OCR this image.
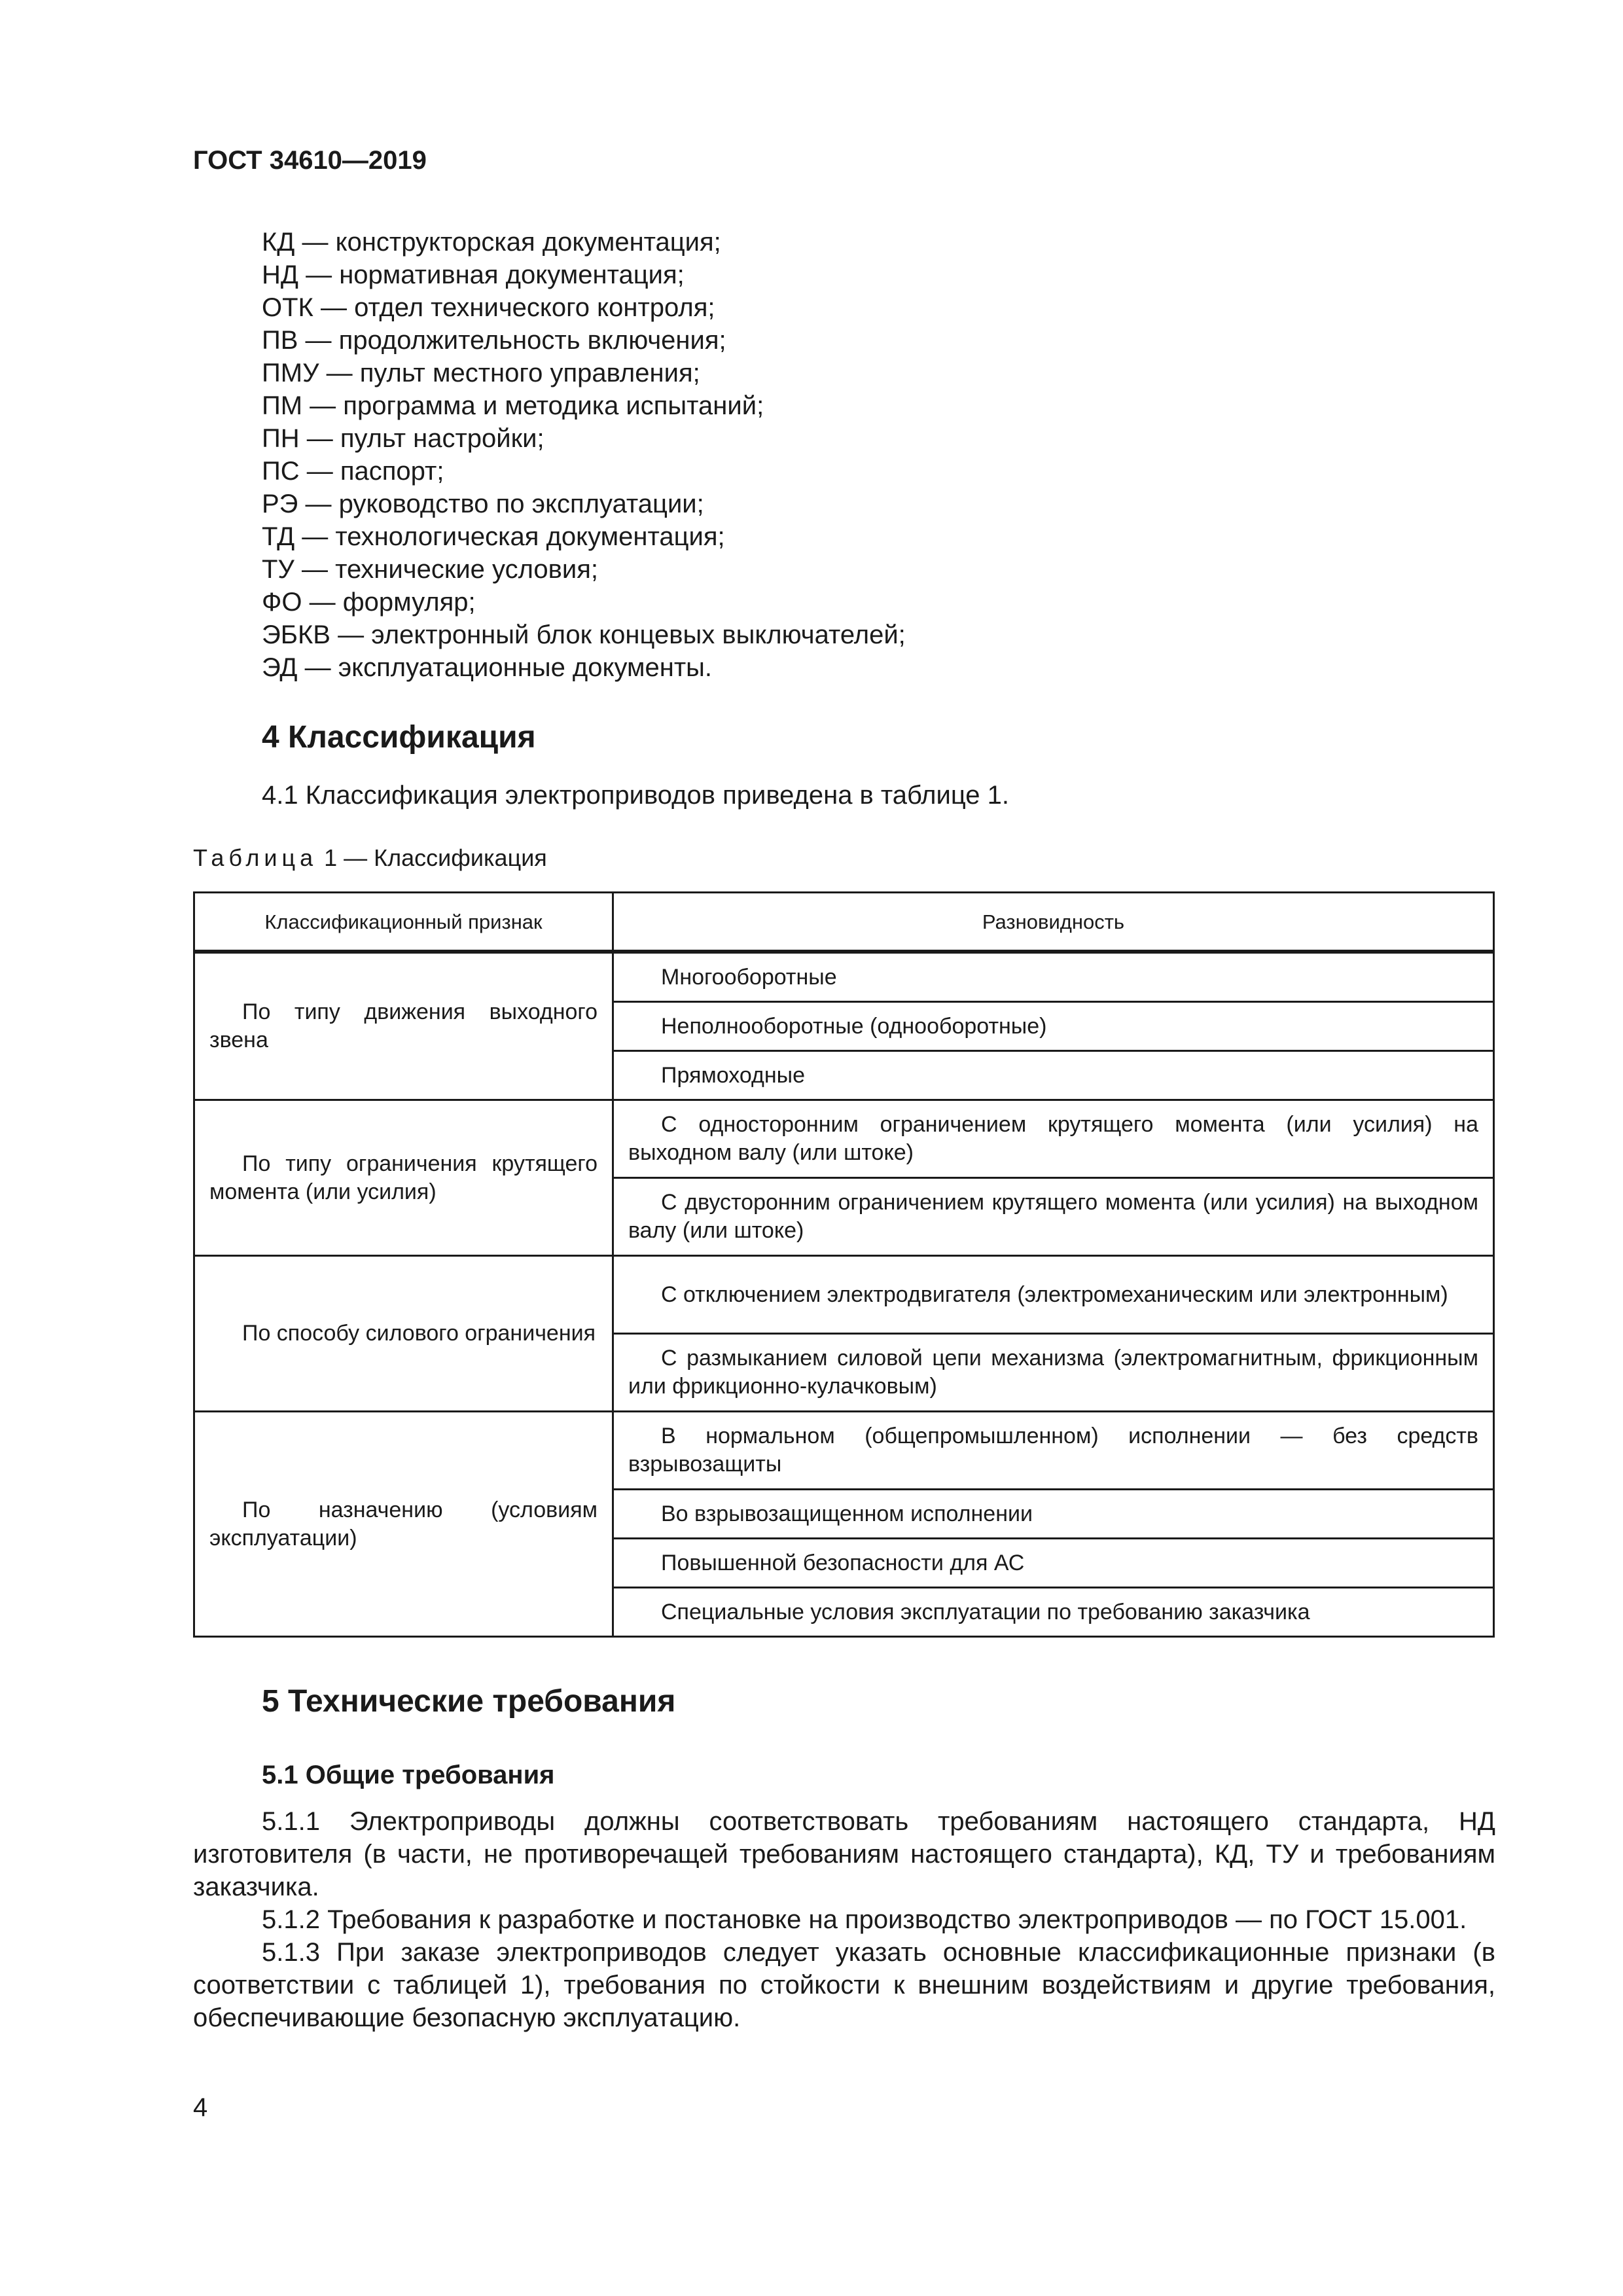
ГОСТ 34610—2019
КД — конструкторская документация;
НД — нормативная документация;
ОТК — отдел технического контроля;
ПВ — продолжительность включения;
ПМУ — пульт местного управления;
ПМ — программа и методика испытаний;
ПН — пульт настройки;
ПС — паспорт;
РЭ — руководство по эксплуатации;
ТД — технологическая документация;
ТУ — технические условия;
ФО — формуляр;
ЭБКВ — электронный блок концевых выключателей;
ЭД — эксплуатационные документы.
4 Классификация
4.1 Классификация электроприводов приведена в таблице 1.
Таблица 1 — Классификация
Классификационный признак	Разновидность
По типу движения выходного звена	Многооборотные
	Неполнооборотные (однооборотные)
	Прямоходные
По типу ограничения крутящего момента (или усилия)	С односторонним ограничением крутящего момента (или усилия) на выходном валу (или штоке)
	С двусторонним ограничением крутящего момента (или усилия) на выходном валу (или штоке)
По способу силового ограничения	С отключением электродвигателя (электромеханическим или электронным)
	С размыканием силовой цепи механизма (электромагнитным, фрикционным или фрикционно-кулачковым)
По назначению (условиям эксплуатации)	В нормальном (общепромышленном) исполнении — без средств взрывозащиты
	Во взрывозащищенном исполнении
	Повышенной безопасности для АС
	Специальные условия эксплуатации по требованию заказчика
5 Технические требования
5.1 Общие требования
5.1.1 Электроприводы должны соответствовать требованиям настоящего стандарта, НД изготовителя (в части, не противоречащей требованиям настоящего стандарта), КД, ТУ и требованиям заказчика.
5.1.2 Требования к разработке и постановке на производство электроприводов — по ГОСТ 15.001.
5.1.3 При заказе электроприводов следует указать основные классификационные признаки (в соответствии с таблицей 1), требования по стойкости к внешним воздействиям и другие требования, обеспечивающие безопасную эксплуатацию.
4
